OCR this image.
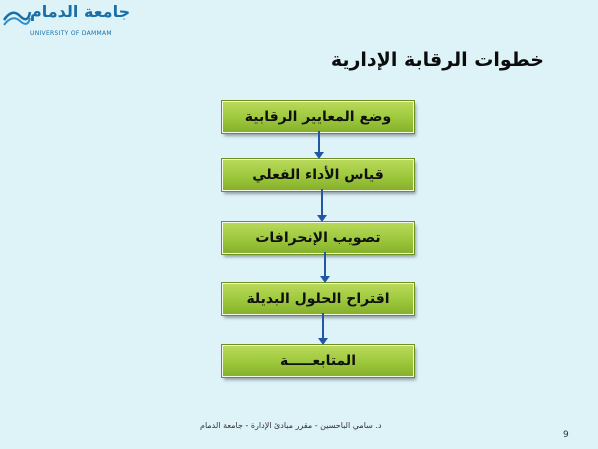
جامعة الدمام
UNIVERSITY OF DAMMAM
خطوات الرقابة الإدارية
وضع المعايير الرقابية
قياس الأداء الفعلي
تصويب الإنحرافات
اقتراح الحلول البديلة
المتابعـــــة
د. سامي الباحسين - مقرر مبادئ الإدارة - جامعة الدمام
9
